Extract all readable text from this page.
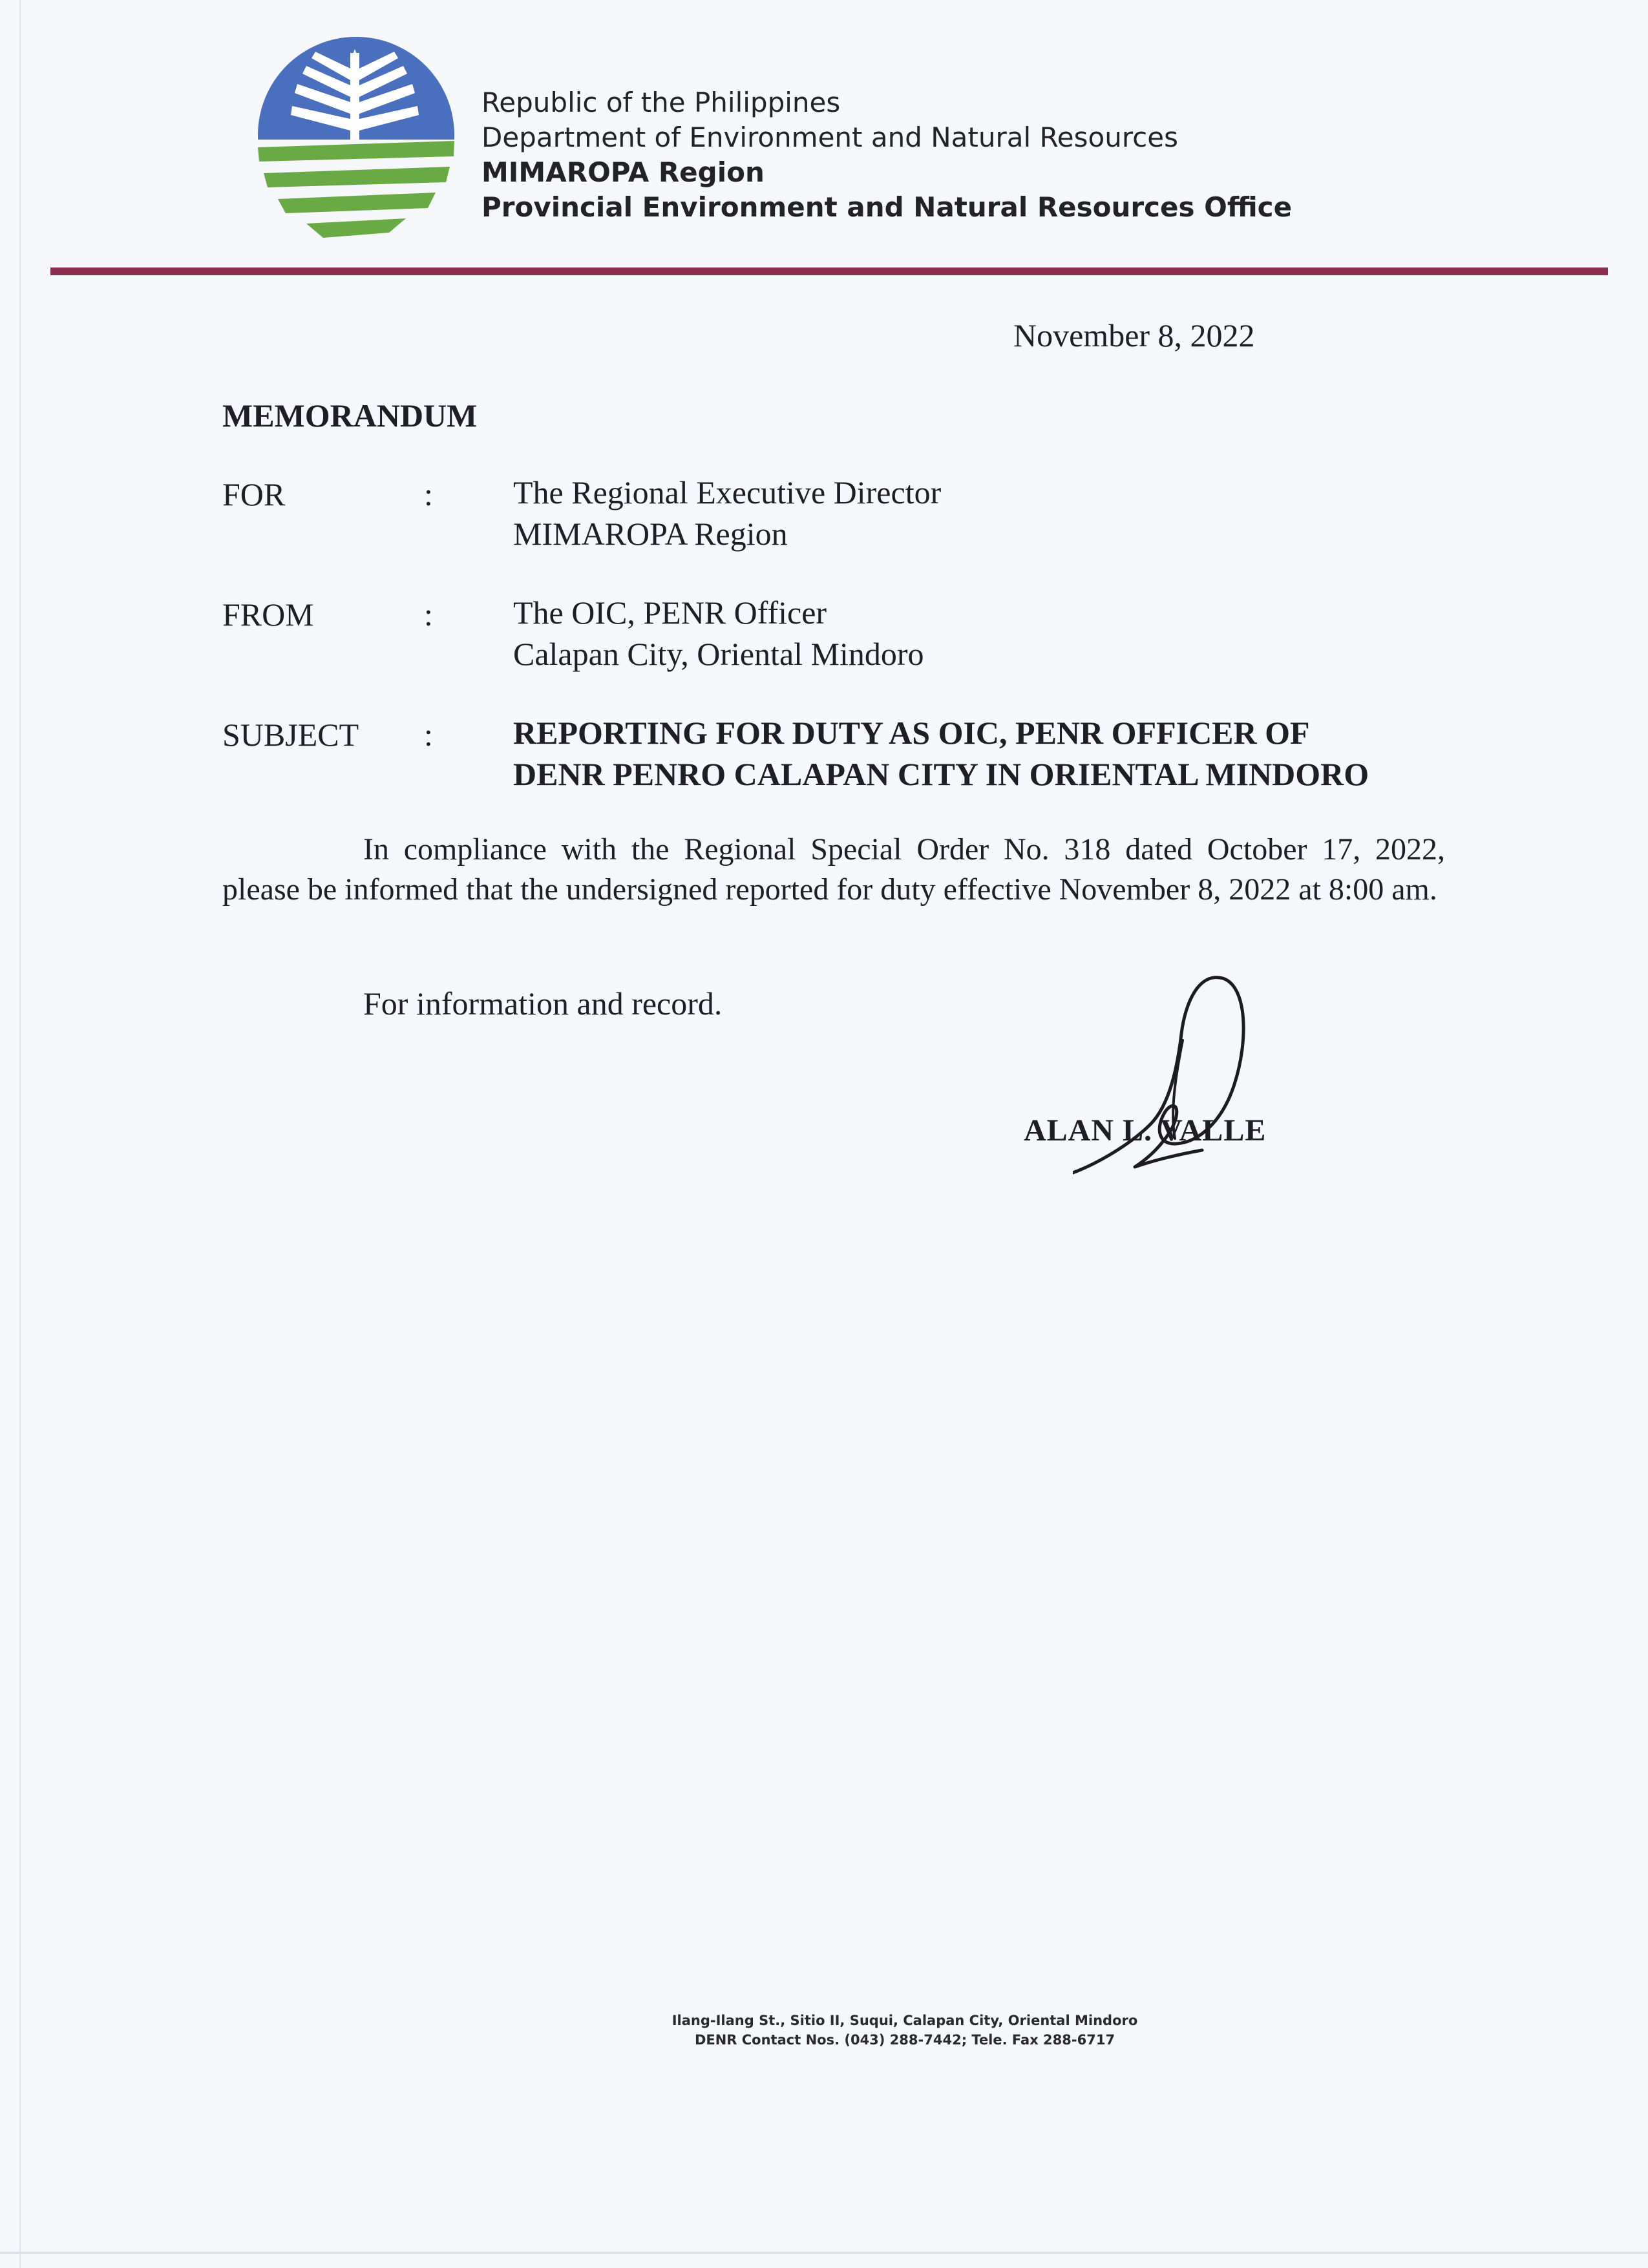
Republic of the Philippines
Department of Environment and Natural Resources
MIMAROPA Region
Provincial Environment and Natural Resources Office
November 8, 2022
MEMORANDUM
FOR	: The Regional Executive Director
MIMAROPA Region
FROM	: The OIC, PENR Officer
Calapan City, Oriental Mindoro
SUBJECT : REPORTING FOR DUTY AS OIC, PENR OFFICER OF
DENR PENRO CALAPAN CITY IN ORIENTAL MINDORO
In compliance with the Regional Special Order No. 318 dated October 17, 2022, please be informed that the undersigned reported for duty effective November 8, 2022 at 8:00 am.
For information and record.
ALAN L. VALLE
Ilang-Ilang St., Sitio II, Suqui, Calapan City, Oriental Mindoro
DENR Contact Nos. (043) 288-7442; Tele. Fax 288-6717
